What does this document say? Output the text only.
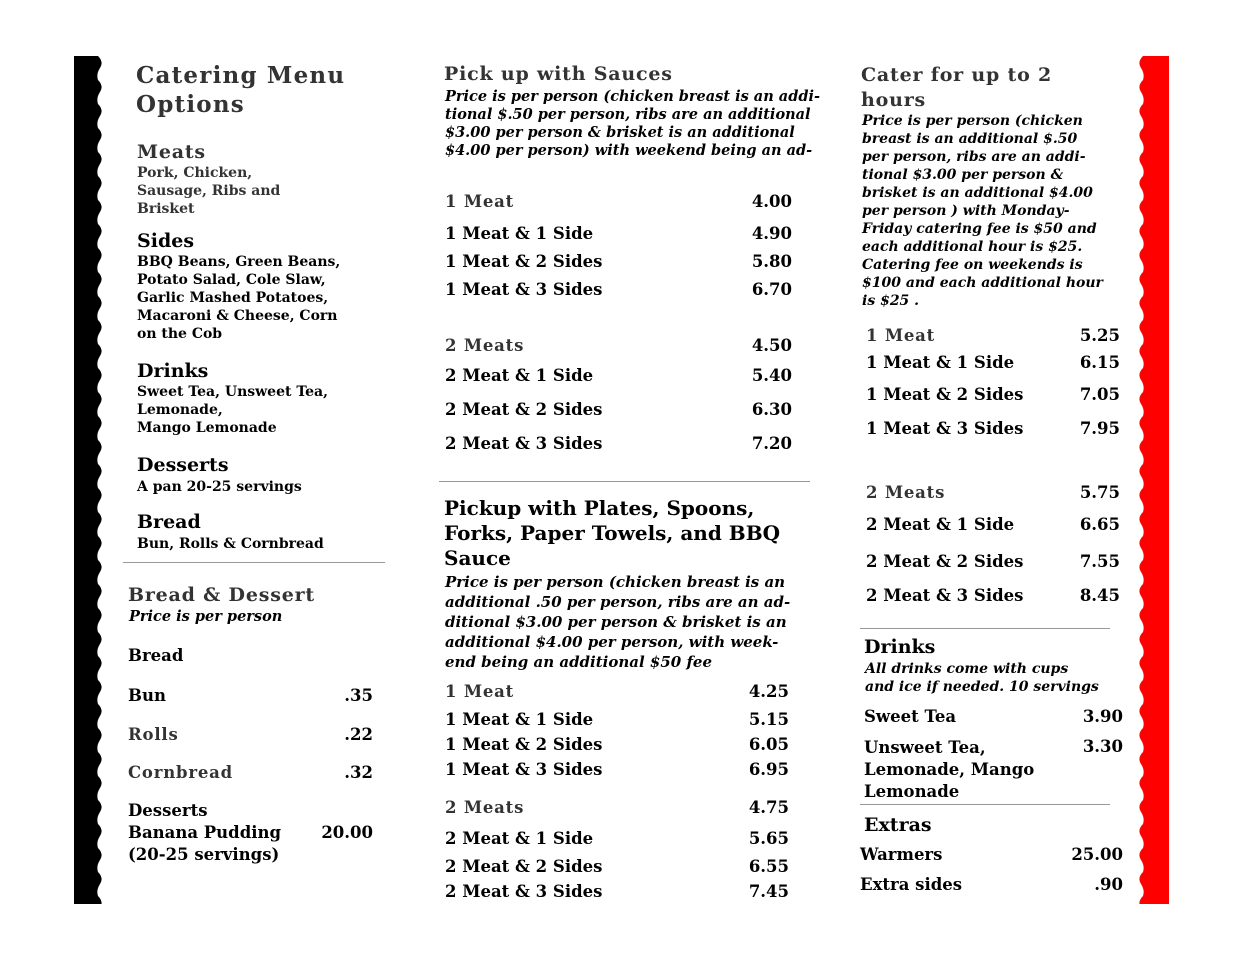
Catering Menu
Options
Meats
Pork, Chicken,
Sausage, Ribs and
Brisket
Sides
BBQ Beans, Green Beans,
Potato Salad, Cole Slaw,
Garlic Mashed Potatoes,
Macaroni & Cheese, Corn
on the Cob
Drinks
Sweet Tea, Unsweet Tea,
Lemonade,
Mango Lemonade
Desserts
A pan 20-25 servings
Bread
Bun, Rolls & Cornbread
Bread & Dessert
Price is per person
Bread
Bun	.35
Rolls	.22
Cornbread	.32
Desserts
Banana Pudding 20.00
(20-25 servings)
Pick up with Sauces
Price is per person (chicken breast is an addi-
tional $.50 per person, ribs are an additional
$3.00 per person & brisket is an additional
$4.00 per person) with weekend being an ad-
1 Meat	4.00
1 Meat & 1 Side	4.90
1 Meat & 2 Sides	5.80
1 Meat & 3 Sides	6.70
2 Meats	4.50
2 Meat & 1 Side	5.40
2 Meat & 2 Sides	6.30
2 Meat & 3 Sides	7.20
Pickup with Plates, Spoons,
Forks, Paper Towels, and BBQ
Sauce
Price is per person (chicken breast is an
additional .50 per person, ribs are an ad-
ditional $3.00 per person & brisket is an
additional $4.00 per person, with week-
end being an additional $50 fee
1 Meat	4.25
1 Meat & 1 Side	5.15
1 Meat & 2 Sides	6.05
1 Meat & 3 Sides	6.95
2 Meats	4.75
2 Meat & 1 Side	5.65
2 Meat & 2 Sides	6.55
2 Meat & 3 Sides	7.45
Cater for up to 2
hours
Price is per person (chicken
breast is an additional $.50
per person, ribs are an addi-
tional $3.00 per person &
brisket is an additional $4.00
per person ) with Monday-
Friday catering fee is $50 and
each additional hour is $25.
Catering fee on weekends is
$100 and each additional hour
is $25 .
1 Meat	5.25
1 Meat & 1 Side	6.15
1 Meat & 2 Sides	7.05
1 Meat & 3 Sides	7.95
2 Meats	5.75
2 Meat & 1 Side	6.65
2 Meat & 2 Sides	7.55
2 Meat & 3 Sides	8.45
Drinks
All drinks come with cups
and ice if needed. 10 servings
Sweet Tea	3.90
Unsweet Tea,
Lemonade, Mango
Lemonade
3.30
Extras
Warmers	25.00
Extra sides	.90
